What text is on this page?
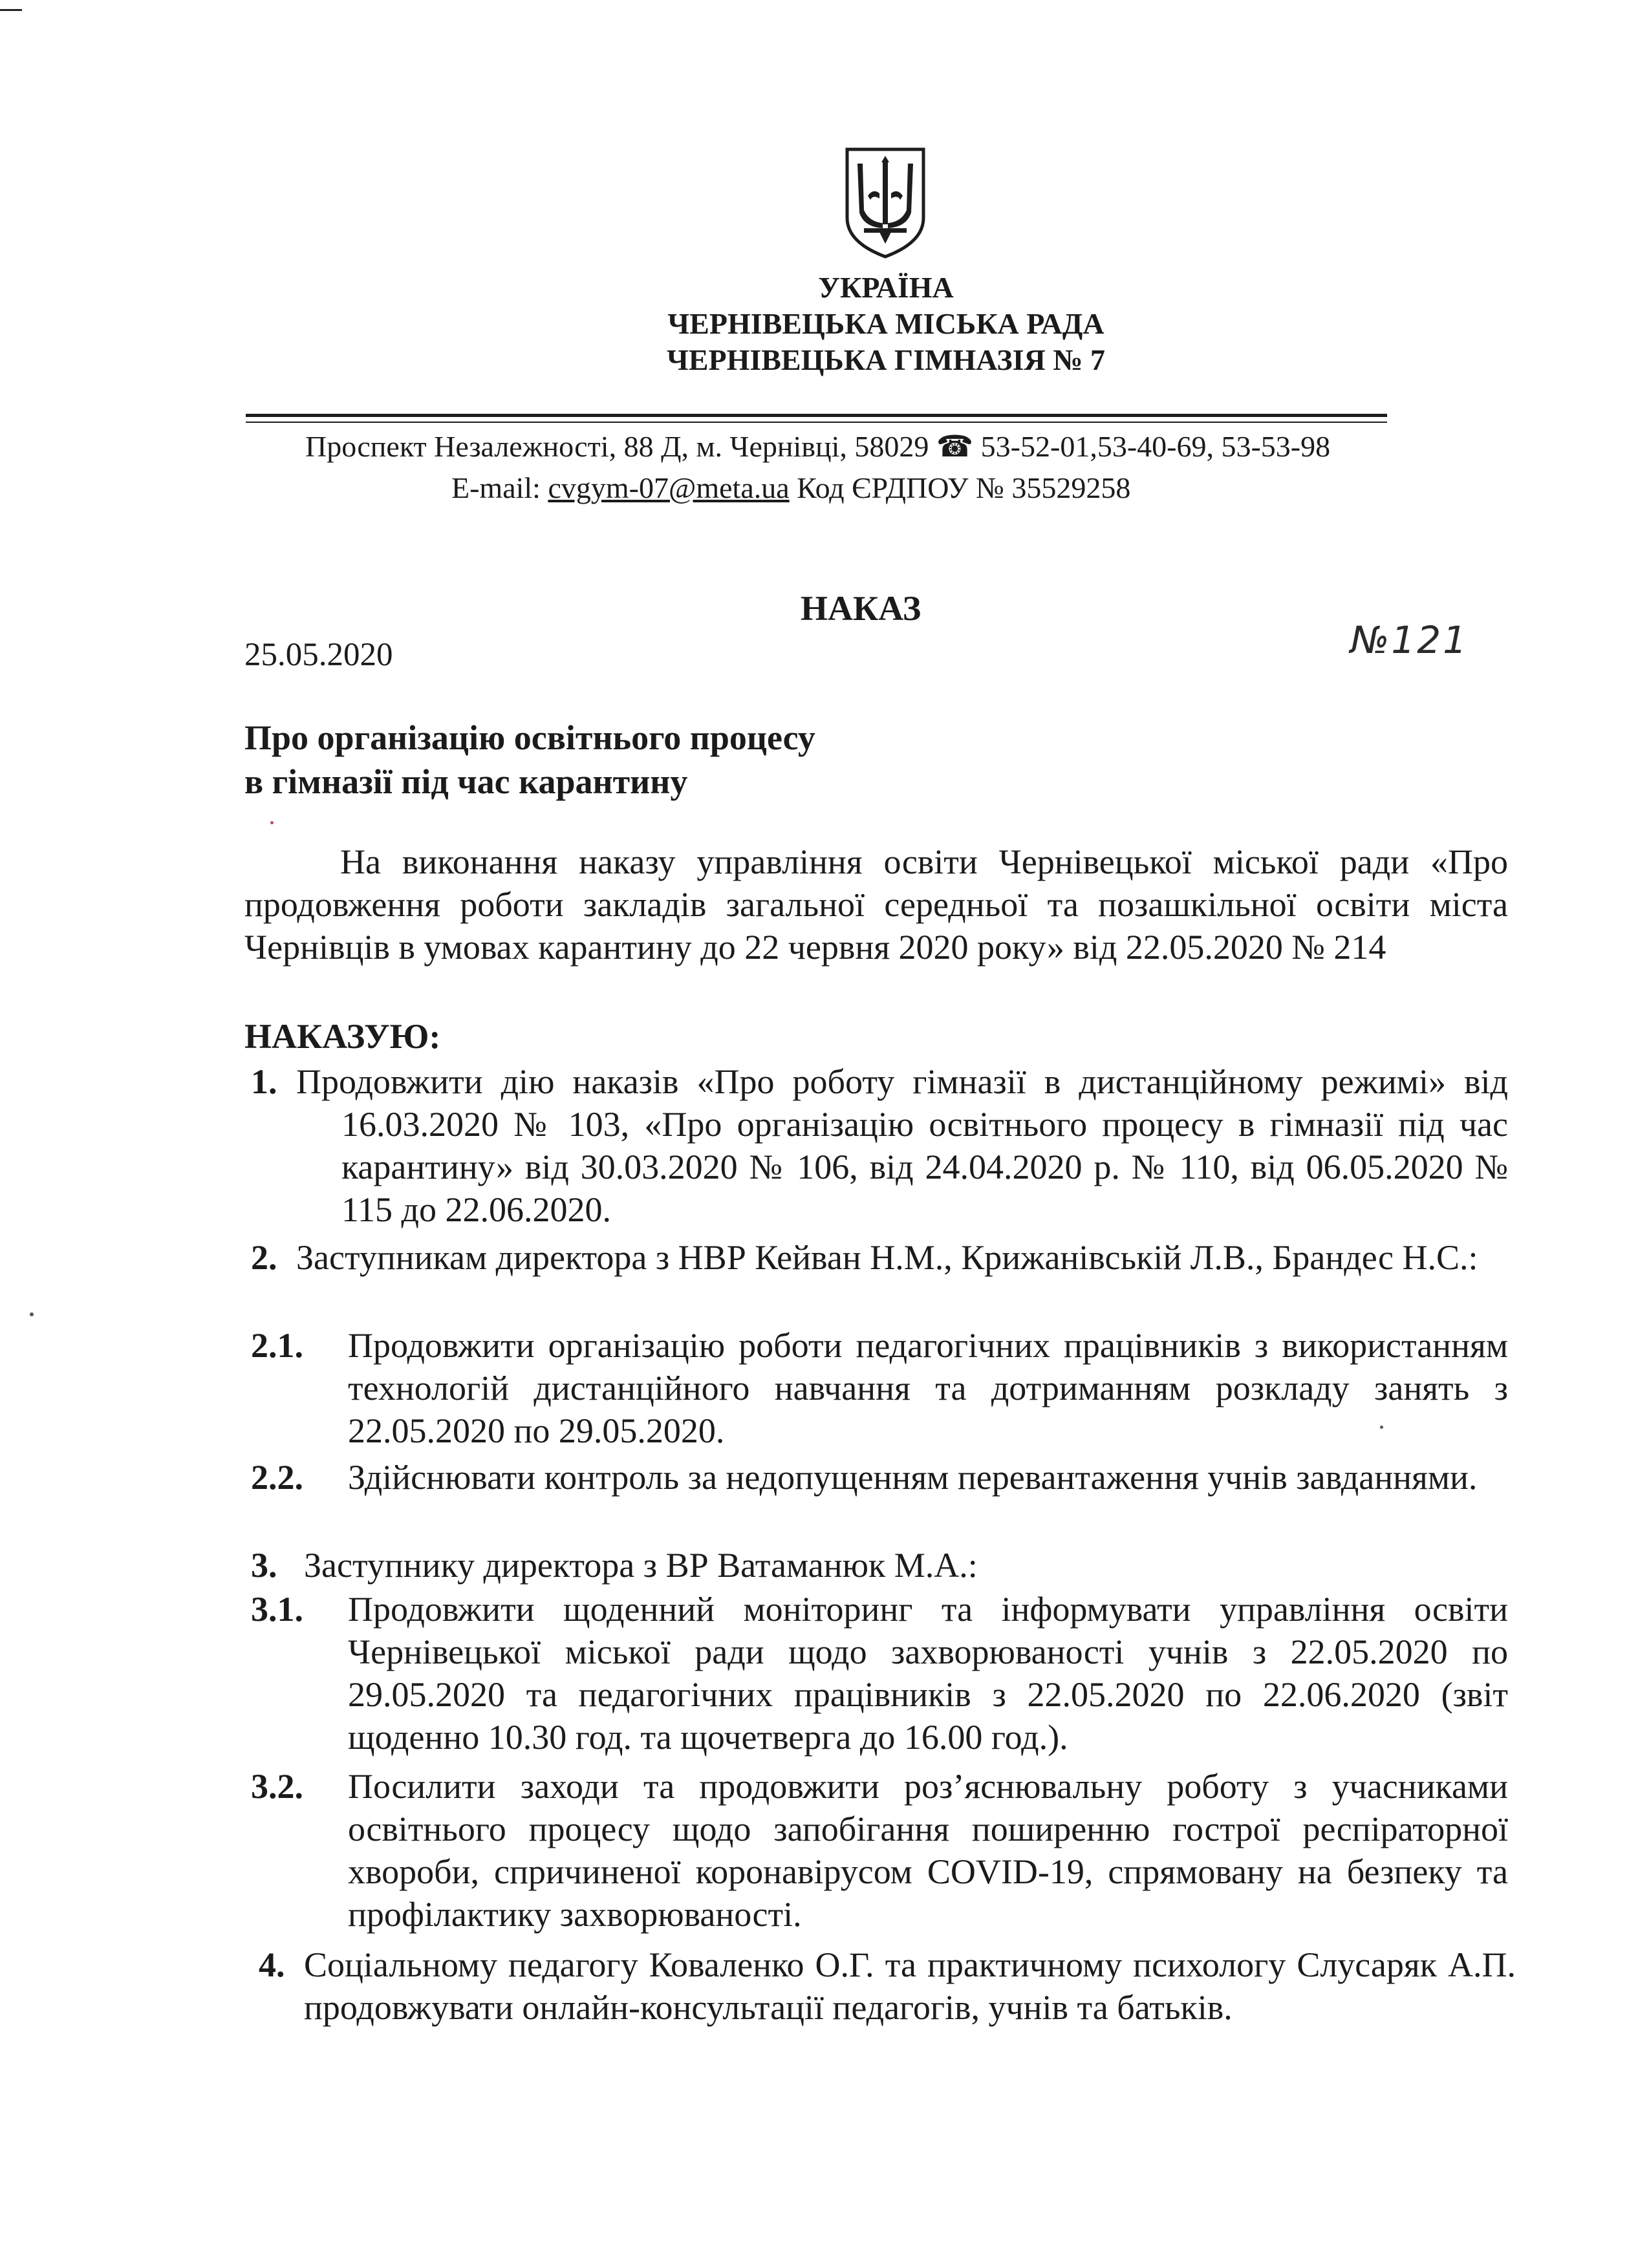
УКРАЇНА
ЧЕРНІВЕЦЬКА МІСЬКА РАДА
ЧЕРНІВЕЦЬКА ГІМНАЗІЯ № 7
Проспект Незалежності, 88 Д, м. Чернівці, 58029 ☎ 53-52-01,53-40-69, 53-53-98
E-mail: cvgym-07@meta.ua Код ЄРДПОУ № 35529258
НАКАЗ
25.05.2020	№121
Про організацію освітнього процесу
в гімназії під час карантину
На виконання наказу управління освіти Чернівецької міської ради «Про продовження роботи закладів загальної середньої та позашкільної освіти міста Чернівців в умовах карантину до 22 червня 2020 року» від 22.05.2020 № 214
НАКАЗУЮ:
1. Продовжити дію наказів «Про роботу гімназії в дистанційному режимі» від 16.03.2020 № 103, «Про організацію освітнього процесу в гімназії під час карантину» від 30.03.2020 № 106, від 24.04.2020 р. № 110, від 06.05.2020 № 115 до 22.06.2020.
2. Заступникам директора з НВР Кейван Н.М., Крижанівській Л.В., Брандес Н.С.:
2.1. Продовжити організацію роботи педагогічних працівників з використанням технологій дистанційного навчання та дотриманням розкладу занять з 22.05.2020 по 29.05.2020.
2.2. Здійснювати контроль за недопущенням перевантаження учнів завданнями.
3. Заступнику директора з ВР Ватаманюк М.А.:
3.1. Продовжити щоденний моніторинг та інформувати управління освіти Чернівецької міської ради щодо захворюваності учнів з 22.05.2020 по 29.05.2020 та педагогічних працівників з 22.05.2020 по 22.06.2020 (звіт щоденно 10.30 год. та щочетверга до 16.00 год.).
3.2. Посилити заходи та продовжити роз’яснювальну роботу з учасниками освітнього процесу щодо запобігання поширенню гострої респіраторної хвороби, спричиненої коронавірусом COVID-19, спрямовану на безпеку та профілактику захворюваності.
4. Соціальному педагогу Коваленко О.Г. та практичному психологу Слусаряк А.П. продовжувати онлайн-консультації педагогів, учнів та батьків.
